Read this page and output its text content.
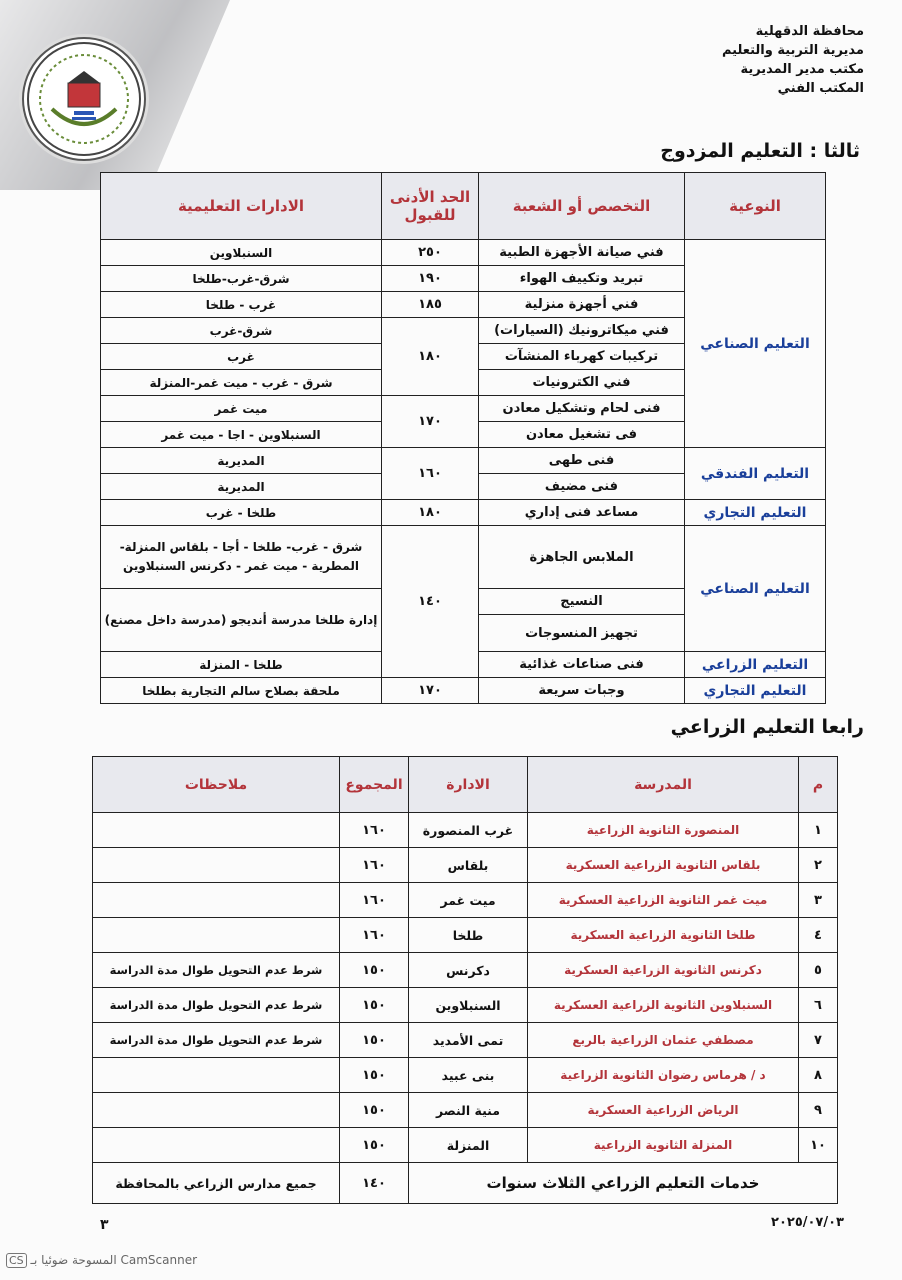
محافظة الدقهلية
مديرية التربية والتعليم
مكتب مدير المديرية
المكتب الفني
ثالثا : التعليم المزدوج
النوعية	التخصص أو الشعبة	الحد الأدنى للقبول	الادارات التعليمية
التعليم الصناعي	فني صيانة الأجهزة الطبية	٢٥٠	السنبلاوين
	تبريد وتكييف الهواء	١٩٠	شرق-غرب-طلخا
	فني أجهزة منزلية	١٨٥	غرب - طلخا
	فني ميكاترونيك (السيارات)	١٨٠	شرق-غرب
	تركيبات كهرباء المنشآت		غرب
	فني الكترونيات		شرق - غرب - ميت غمر-المنزلة
	فنى لحام وتشكيل معادن	١٧٠	ميت غمر
	فى تشغيل معادن		السنبلاوين - اجا - ميت غمر
التعليم الفندقي	فنى طهى	١٦٠	المديرية
	فنى مضيف		المديرية
التعليم التجاري	مساعد فنى إداري	١٨٠	طلخا - غرب
التعليم الصناعي	الملابس الجاهزة	١٤٠	شرق - غرب- طلخا - أجا - بلقاس المنزلة- المطرية - ميت غمر - دكرنس السنبلاوين
	النسيج		إدارة طلخا مدرسة أنديجو (مدرسة داخل مصنع)
	تجهيز المنسوجات		
التعليم الزراعي	فنى صناعات غذائية		طلخا - المنزلة
التعليم التجاري	وجبات سريعة	١٧٠	ملحقة بصلاح سالم التجارية بطلخا
رابعا التعليم الزراعي
م	المدرسة	الادارة	المجموع	ملاحظات
١	المنصورة الثانوية الزراعية	غرب المنصورة	١٦٠	
٢	بلقاس الثانوية الزراعية العسكرية	بلقاس	١٦٠	
٣	ميت غمر الثانوية الزراعية العسكرية	ميت غمر	١٦٠	
٤	طلخا الثانوية الزراعية العسكرية	طلخا	١٦٠	
٥	دكرنس الثانوية الزراعية العسكرية	دكرنس	١٥٠	شرط عدم التحويل طوال مدة الدراسة
٦	السنبلاوين الثانوية الزراعية العسكرية	السنبلاوين	١٥٠	شرط عدم التحويل طوال مدة الدراسة
٧	مصطفي عثمان الزراعية بالربع	تمى الأمديد	١٥٠	شرط عدم التحويل طوال مدة الدراسة
٨	د / هرماس رضوان الثانوية الزراعية	بنى عبيد	١٥٠	
٩	الرياض الزراعية العسكرية	منية النصر	١٥٠	
١٠	المنزلة الثانوية الزراعية	المنزلة	١٥٠	
خدمات التعليم الزراعي الثلاث سنوات			١٤٠	جميع مدارس الزراعي بالمحافظة
٣	٢٠٢٥/٠٧/٠٣
CS المسوحة ضوئيا بـ CamScanner
